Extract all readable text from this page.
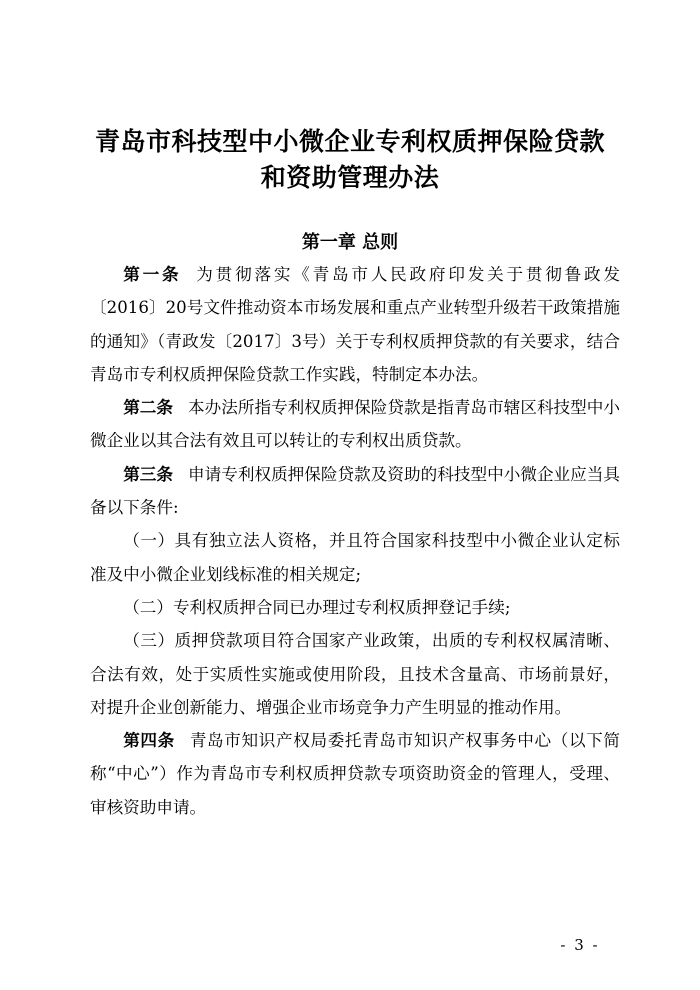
青岛市科技型中小微企业专利权质押保险贷款
和资助管理办法
第一章 总则

第一条 为贯彻落实《青岛市人民政府印发关于贯彻鲁政发〔2016〕20号文件推动资本市场发展和重点产业转型升级若干政策措施的通知》（青政发〔2017〕3号）关于专利权质押贷款的有关要求，结合青岛市专利权质押保险贷款工作实践，特制定本办法。

第二条 本办法所指专利权质押保险贷款是指青岛市辖区科技型中小微企业以其合法有效且可以转让的专利权出质贷款。

第三条 申请专利权质押保险贷款及资助的科技型中小微企业应当具备以下条件:

（一）具有独立法人资格，并且符合国家科技型中小微企业认定标准及中小微企业划线标准的相关规定;

（二）专利权质押合同已办理过专利权质押登记手续;

（三）质押贷款项目符合国家产业政策，出质的专利权权属清晰、合法有效，处于实质性实施或使用阶段，且技术含量高、市场前景好，对提升企业创新能力、增强企业市场竞争力产生明显的推动作用。

第四条 青岛市知识产权局委托青岛市知识产权事务中心（以下简称“中心”）作为青岛市专利权质押贷款专项资助资金的管理人，受理、审核资助申请。

- 3 -
